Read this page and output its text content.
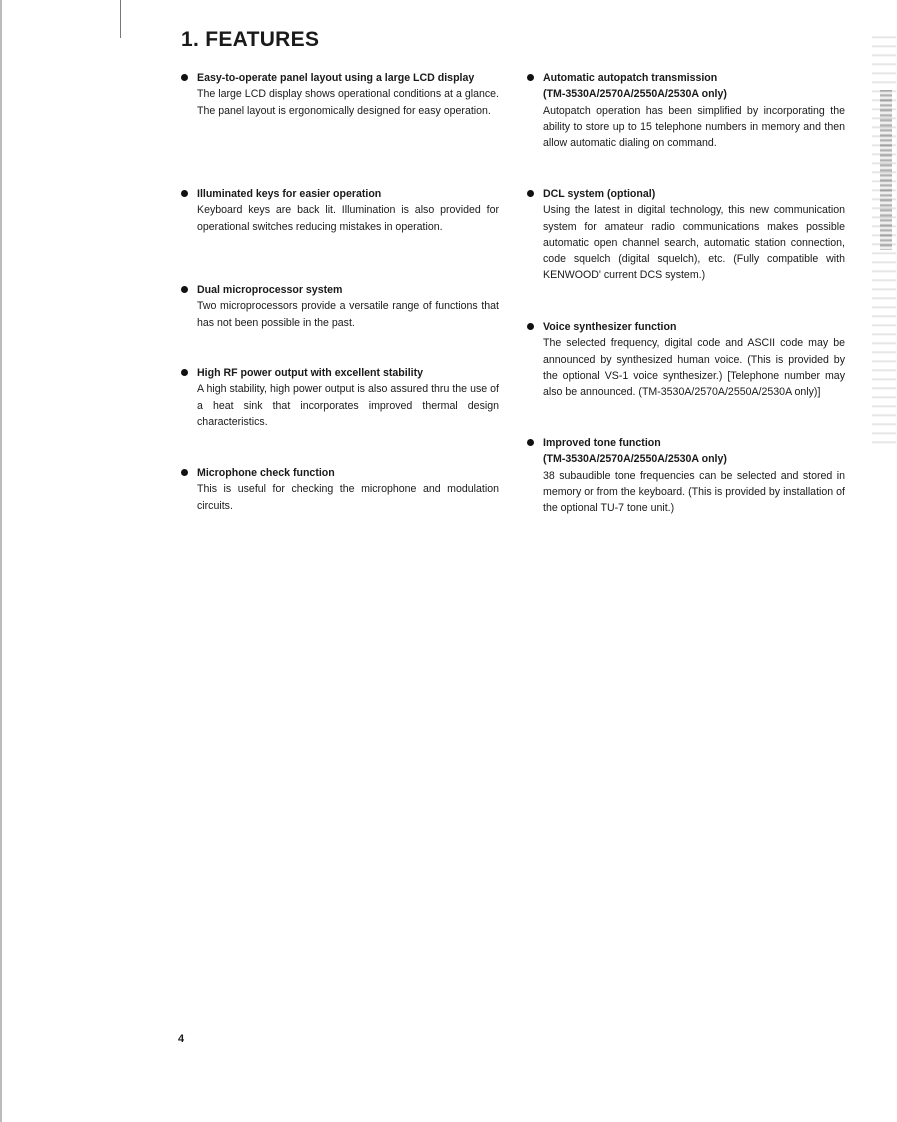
1. FEATURES
Easy-to-operate panel layout using a large LCD display
The large LCD display shows operational conditions at a glance. The panel layout is ergonomically designed for easy operation.
Illuminated keys for easier operation
Keyboard keys are back lit. Illumination is also provided for operational switches reducing mistakes in operation.
Dual microprocessor system
Two microprocessors provide a versatile range of functions that has not been possible in the past.
High RF power output with excellent stability
A high stability, high power output is also assured thru the use of a heat sink that incorporates improved thermal design characteristics.
Microphone check function
This is useful for checking the microphone and modulation circuits.
Automatic autopatch transmission
(TM-3530A/2570A/2550A/2530A only)
Autopatch operation has been simplified by incorporating the ability to store up to 15 telephone numbers in memory and then allow automatic dialing on command.
DCL system (optional)
Using the latest in digital technology, this new communication system for amateur radio communications makes possible automatic open channel search, automatic station connection, code squelch (digital squelch), etc. (Fully compatible with KENWOOD' current DCS system.)
Voice synthesizer function
The selected frequency, digital code and ASCII code may be announced by synthesized human voice. (This is provided by the optional VS-1 voice synthesizer.) [Telephone number may also be announced. (TM-3530A/2570A/2550A/2530A only)]
Improved tone function
(TM-3530A/2570A/2550A/2530A only)
38 subaudible tone frequencies can be selected and stored in memory or from the keyboard. (This is provided by installation of the optional TU-7 tone unit.)
4
